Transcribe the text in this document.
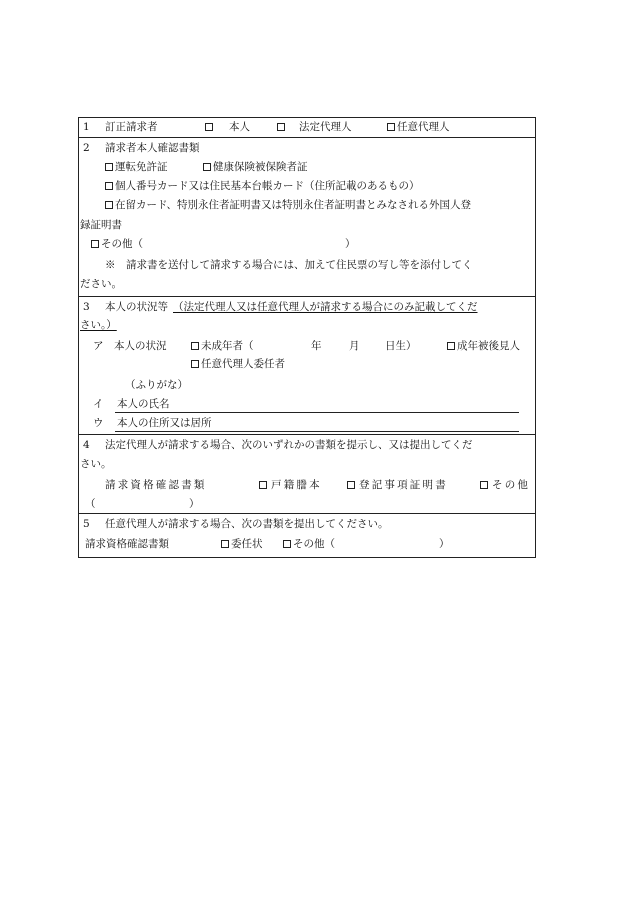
1 訂正請求者	本人	法定代理人	任意代理人
2 請求者本人確認書類
運転免許証	健康保険被保険者証
個人番号カード又は住民基本台帳カード（住所記載のあるもの）
在留カード、特別永住者証明書又は特別永住者証明書とみなされる外国人登
録証明書
その他（	）
※　請求書を送付して請求する場合には、加えて住民票の写し等を添付してく
ださい。
3 本人の状況等 （法定代理人又は任意代理人が請求する場合にのみ記載してくだ
さい。）
ア　本人の状況	未成年者（	年	月 日生）	成年被後見人
任意代理人委任者
（ふりがな）
イ 本人の氏名
ウ 本人の住所又は居所
4 法定代理人が請求する場合、次のいずれかの書類を提示し、又は提出してくだ
さい。
請求資格確認書類	戸籍謄本	登記事項証明書	その他
（	）
5 任意代理人が請求する場合、次の書類を提出してください。
請求資格確認書類	委任状	その他（	）
